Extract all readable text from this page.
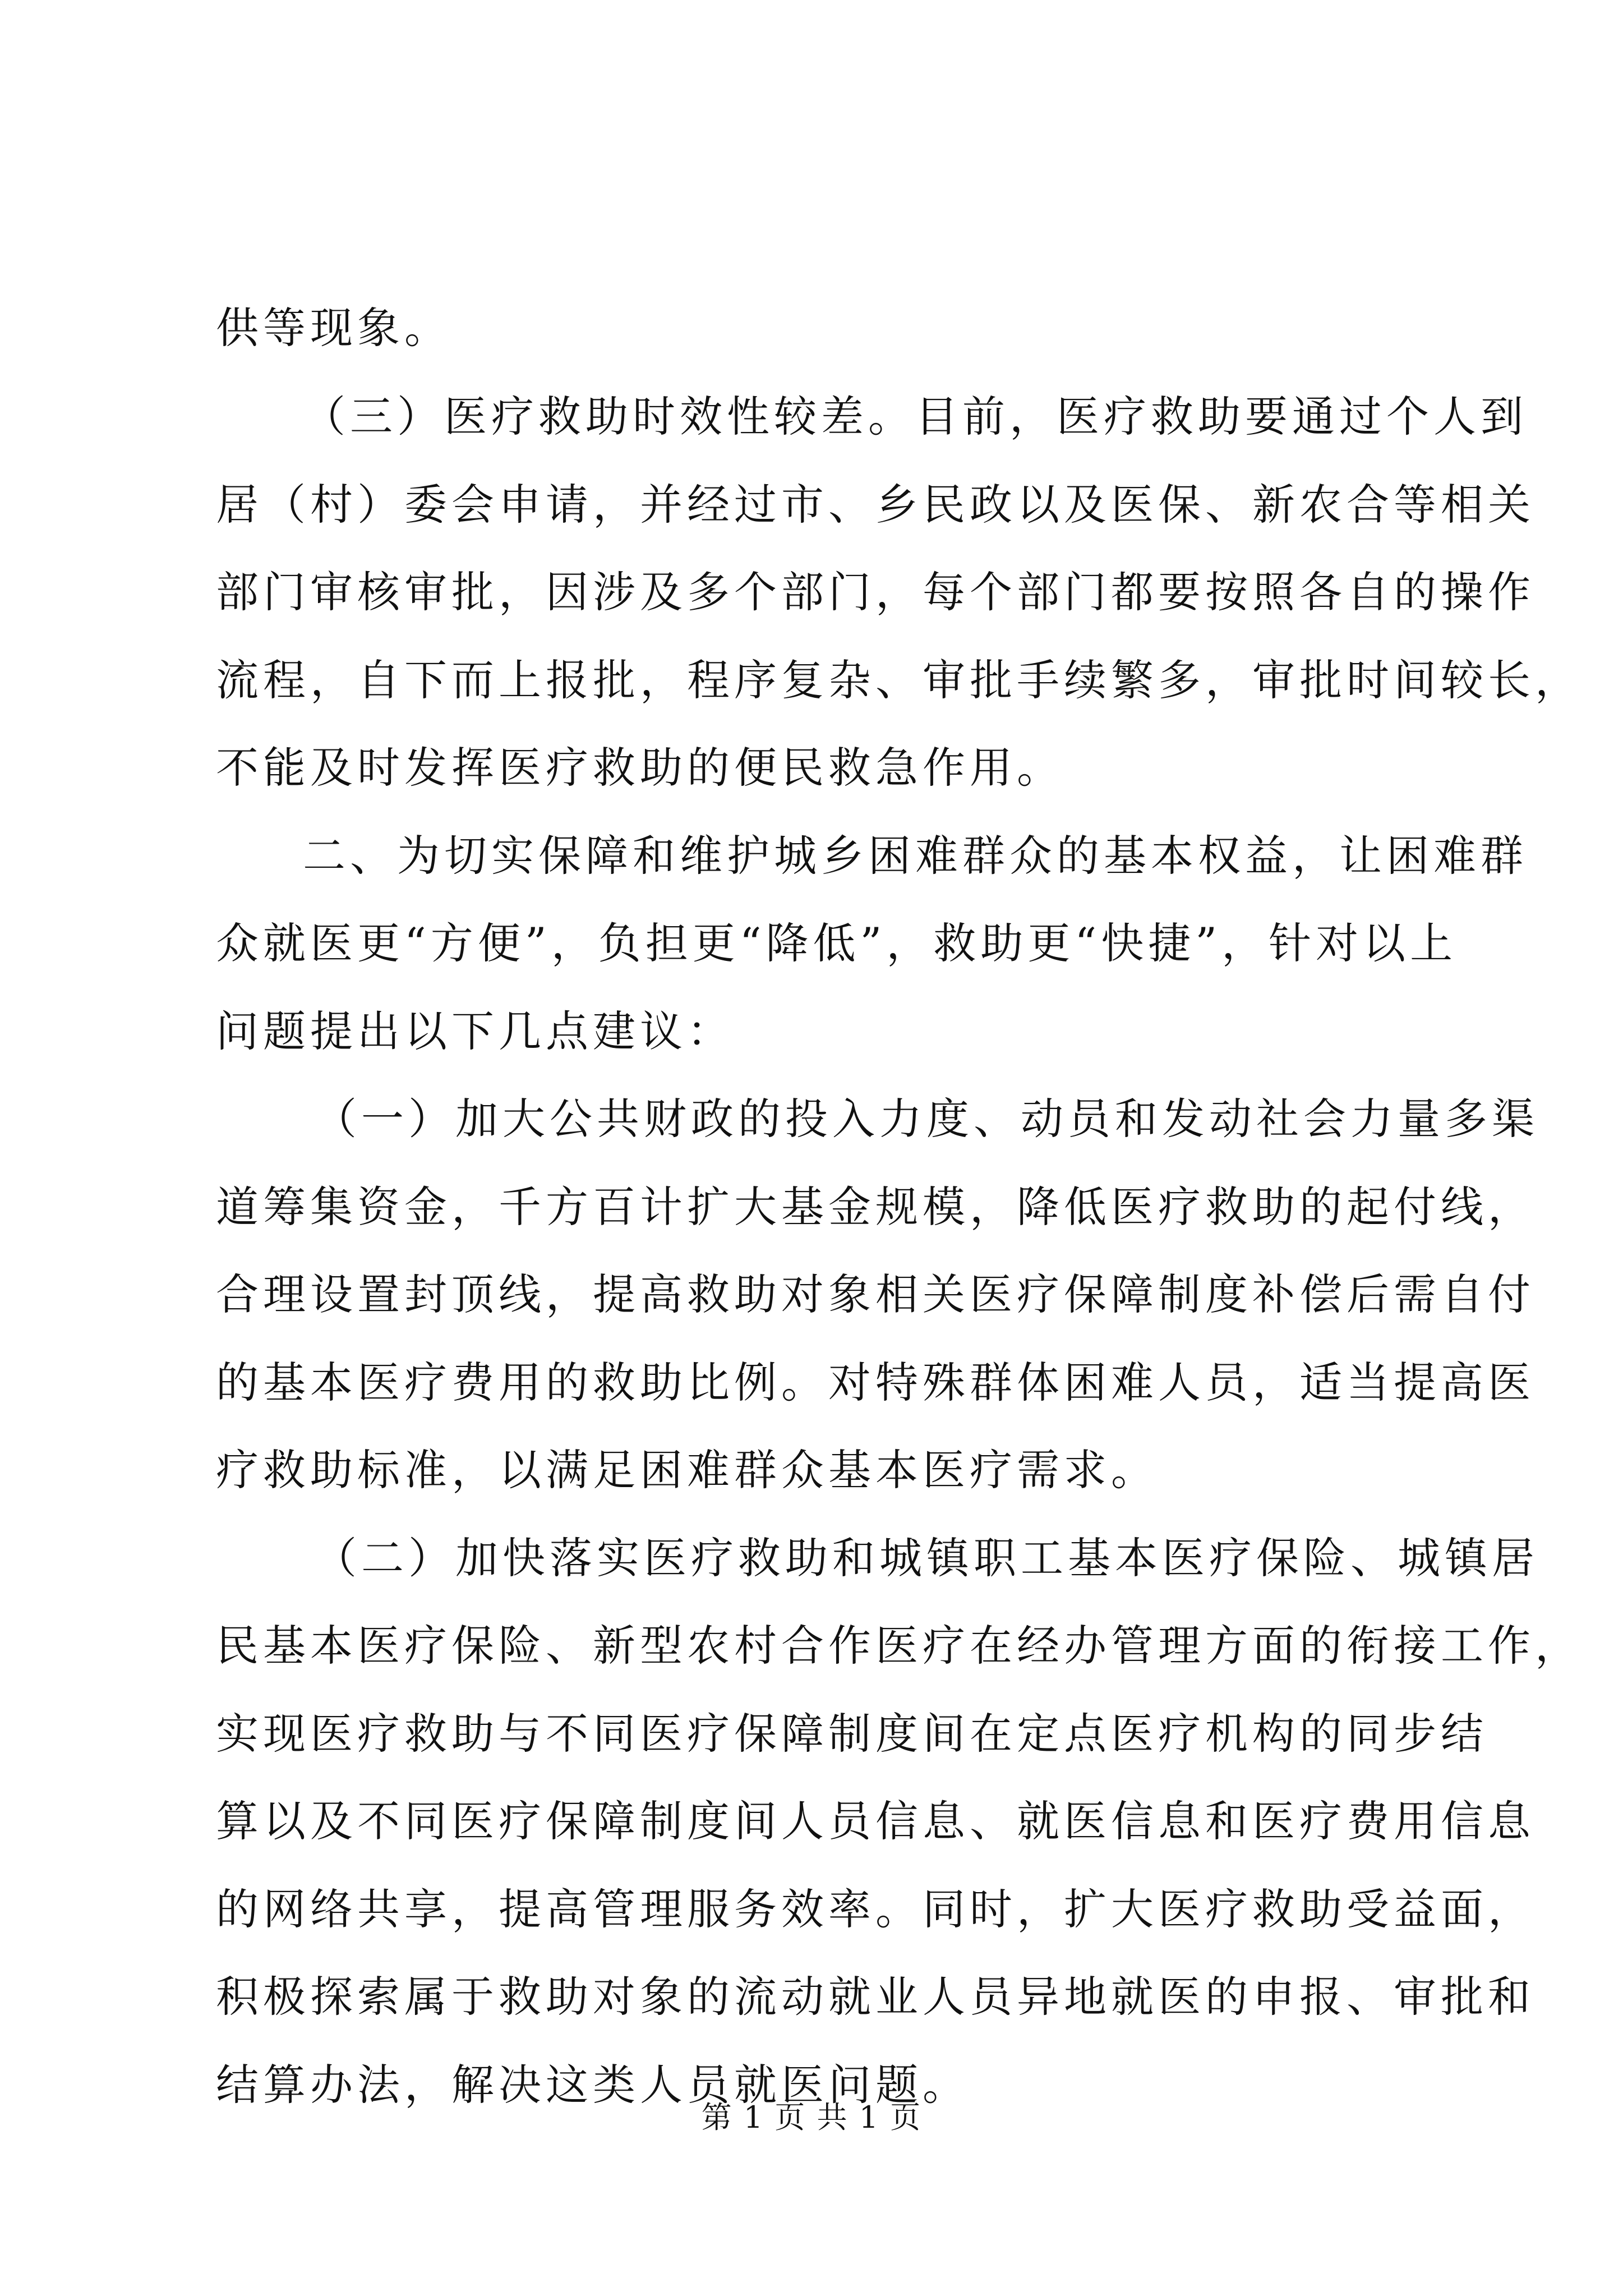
供等现象。
（三）医疗救助时效性较差。目前，医疗救助要通过个人到
居（村）委会申请，并经过市、乡民政以及医保、新农合等相关
部门审核审批，因涉及多个部门，每个部门都要按照各自的操作
流程，自下而上报批，程序复杂、审批手续繁多，审批时间较长，
不能及时发挥医疗救助的便民救急作用。
二、为切实保障和维护城乡困难群众的基本权益，让困难群
众就医更“方便”，负担更“降低”，救助更“快捷”，针对以上
问题提出以下几点建议：
（一）加大公共财政的投入力度、动员和发动社会力量多渠
道筹集资金，千方百计扩大基金规模，降低医疗救助的起付线，
合理设置封顶线，提高救助对象相关医疗保障制度补偿后需自付
的基本医疗费用的救助比例。对特殊群体困难人员，适当提高医
疗救助标准，以满足困难群众基本医疗需求。
（二）加快落实医疗救助和城镇职工基本医疗保险、城镇居
民基本医疗保险、新型农村合作医疗在经办管理方面的衔接工作，
实现医疗救助与不同医疗保障制度间在定点医疗机构的同步结
算以及不同医疗保障制度间人员信息、就医信息和医疗费用信息
的网络共享，提高管理服务效率。同时，扩大医疗救助受益面，
积极探索属于救助对象的流动就业人员异地就医的申报、审批和
结算办法，解决这类人员就医问题。
第 1 页 共 1 页
